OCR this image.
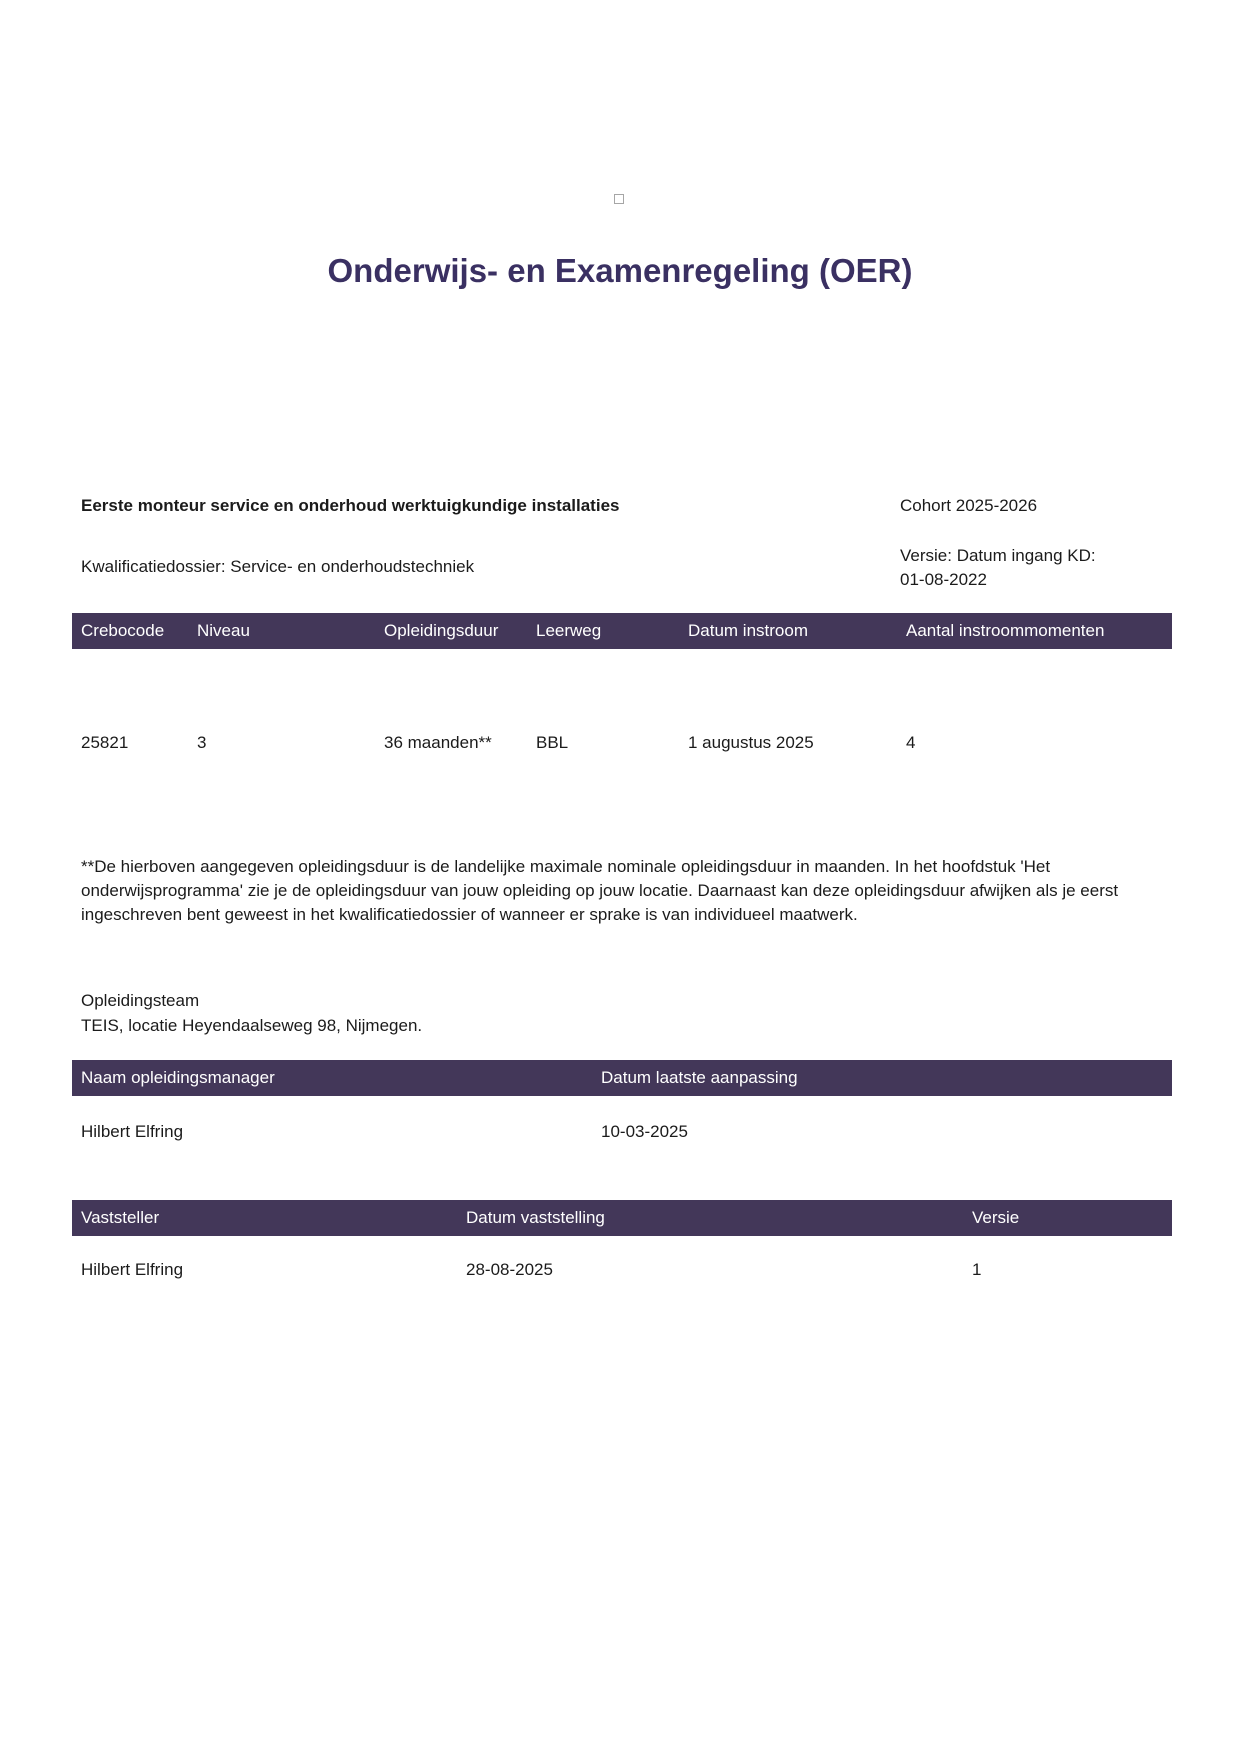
Onderwijs- en Examenregeling (OER)
Eerste monteur service en onderhoud werktuigkundige installaties	Cohort 2025-2026
Kwalificatiedossier: Service- en onderhoudstechniek
Versie: Datum ingang KD:
01-08-2022
Crebocode	Niveau	Opleidingsduur	Leerweg	Datum instroom	Aantal instroommomenten
25821	3	36 maanden**	BBL	1 augustus 2025	4
**De hierboven aangegeven opleidingsduur is de landelijke maximale nominale opleidingsduur in maanden. In het hoofdstuk 'Het onderwijsprogramma' zie je de opleidingsduur van jouw opleiding op jouw locatie. Daarnaast kan deze opleidingsduur afwijken als je eerst ingeschreven bent geweest in het kwalificatiedossier of wanneer er sprake is van individueel maatwerk.
Opleidingsteam
TEIS, locatie Heyendaalseweg 98, Nijmegen.
Naam opleidingsmanager	Datum laatste aanpassing
Hilbert Elfring	10-03-2025
Vaststeller	Datum vaststelling	Versie
Hilbert Elfring	28-08-2025	1
